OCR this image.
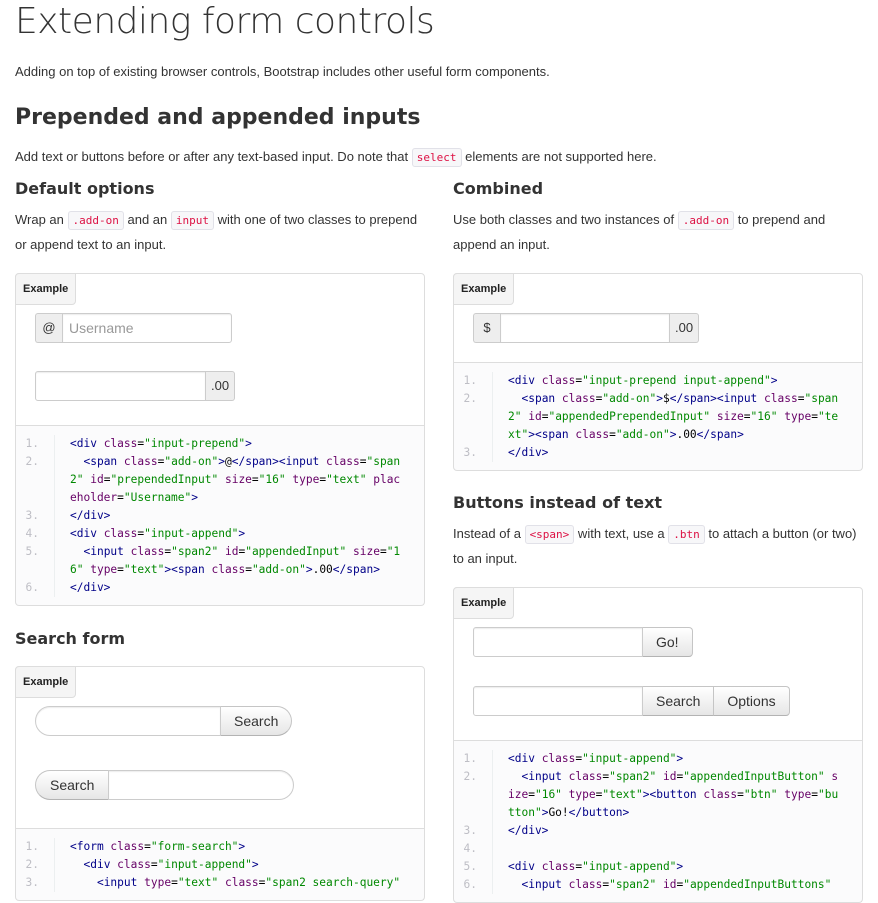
Extending form controls

Adding on top of existing browser controls, Bootstrap includes other useful form components.

Prepended and appended inputs

Add text or buttons before or after any text-based input. Do note that select elements are not supported here.

Default options

Wrap an .add-on and an input with one of two classes to prepend or append text to an input.

Example
@ Username
.00
1.	<div class="input-prepend">
2.	<span class="add-on">@</span><input class="span
2" id="prependedInput" size="16" type="text" plac
eholder="Username">
3.	</div>
4.	<div class="input-append">
5.	<input class="span2" id="appendedInput" size="1
6" type="text"><span class="add-on">.00</span>
6.	</div>
Search form
Example
Search
Search
1.	<form class="form-search">
2.	<div class="input-append">
3.	<input type="text" class="span2 search-query"
Combined

Use both classes and two instances of .add-on to prepend and append an input.

Example
$	.00
1.	<div class="input-prepend input-append">
2.	<span class="add-on">$</span><input class="span
2" id="appendedPrependedInput" size="16" type="te
xt"><span class="add-on">.00</span>
3.	</div>
Buttons instead of text

Instead of a <span> with text, use a .btn to attach a button (or two) to an input.

Example
Go!
Search	Options
1.	<div class="input-append">
2.	<input class="span2" id="appendedInputButton" s
ize="16" type="text"><button class="btn" type="bu
tton">Go!</button>
3.	</div>
4.
5.	<div class="input-append">
6.	<input class="span2" id="appendedInputButtons"
